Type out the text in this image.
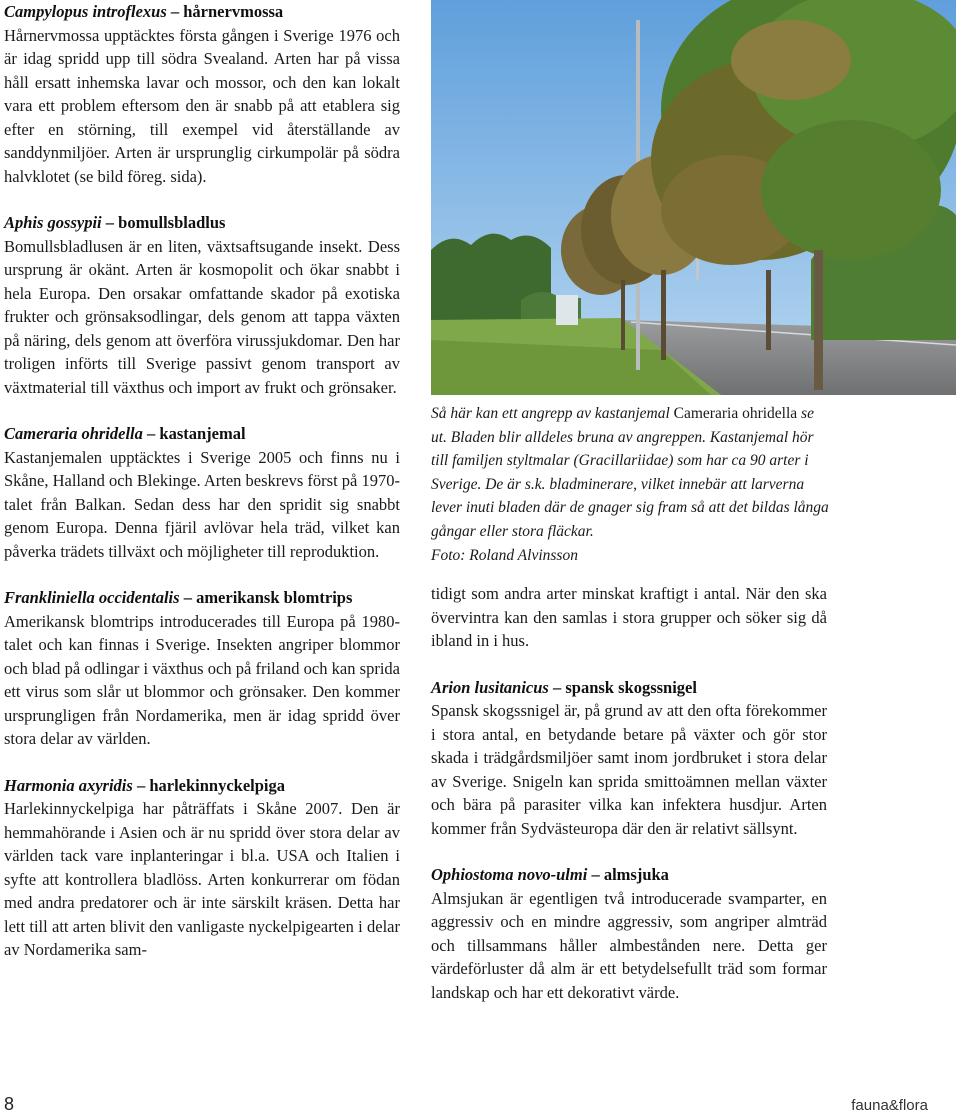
Campylopus introflexus – hårnervmossa

Hårnervmossa upptäcktes första gången i Sverige 1976 och är idag spridd upp till södra Svealand. Arten har på vissa håll ersatt inhemska lavar och mossor, och den kan lokalt vara ett problem eftersom den är snabb på att etablera sig efter en störning, till exempel vid återställande av sanddynmiljöer. Arten är ursprunglig cirkumpolär på södra halvklotet (se bild föreg. sida).

Aphis gossypii – bomullsbladlus

Bomullsbladlusen är en liten, växtsaftsugande insekt. Dess ursprung är okänt. Arten är kosmopolit och ökar snabbt i hela Europa. Den orsakar omfattande skador på exotiska frukter och grönsaksodlingar, dels genom att tappa växten på näring, dels genom att överföra virussjukdomar. Den har troligen införts till Sverige passivt genom transport av växtmaterial till växthus och import av frukt och grönsaker.

Cameraria ohridella – kastanjemal

Kastanjemalen upptäcktes i Sverige 2005 och finns nu i Skåne, Halland och Blekinge. Arten beskrevs först på 1970-talet från Balkan. Sedan dess har den spridit sig snabbt genom Europa. Denna fjäril avlövar hela träd, vilket kan påverka trädets tillväxt och möjligheter till reproduktion.

Frankliniella occidentalis – amerikansk blomtrips

Amerikansk blomtrips introducerades till Europa på 1980-talet och kan finnas i Sverige. Insekten angriper blommor och blad på odlingar i växthus och på friland och kan sprida ett virus som slår ut blommor och grönsaker. Den kommer ursprungligen från Nordamerika, men är idag spridd över stora delar av världen.

Harmonia axyridis – harlekinnyckelpiga

Harlekinnyckelpiga har påträffats i Skåne 2007. Den är hemmahörande i Asien och är nu spridd över stora delar av världen tack vare inplanteringar i bl.a. USA och Italien i syfte att kontrollera bladlöss. Arten konkurrerar om födan med andra predatorer och är inte särskilt kräsen. Detta har lett till att arten blivit den vanligaste nyckelpigearten i delar av Nordamerika sam-

Så här kan ett angrepp av kastanjemal Cameraria ohridella se ut. Bladen blir alldeles bruna av angreppen. Kastanjemal hör till familjen styltmalar (Gracillariidae) som har ca 90 arter i Sverige. De är s.k. bladminerare, vilket innebär att larverna lever inuti bladen där de gnager sig fram så att det bildas långa gångar eller stora fläckar.
Foto: Roland Alvinsson

tidigt som andra arter minskat kraftigt i antal. När den ska övervintra kan den samlas i stora grupper och söker sig då ibland in i hus.

Arion lusitanicus – spansk skogssnigel

Spansk skogssnigel är, på grund av att den ofta förekommer i stora antal, en betydande betare på växter och gör stor skada i trädgårdsmiljöer samt inom jordbruket i stora delar av Sverige. Snigeln kan sprida smittoämnen mellan växter och bära på parasiter vilka kan infektera husdjur. Arten kommer från Sydvästeuropa där den är relativt sällsynt.

Ophiostoma novo-ulmi – almsjuka

Almsjukan är egentligen två introducerade svamparter, en aggressiv och en mindre aggressiv, som angriper almträd och tillsammans håller almbestånden nere. Detta ger värdeförluster då alm är ett betydelsefullt träd som formar landskap och har ett dekorativt värde.

8	fauna&flora
